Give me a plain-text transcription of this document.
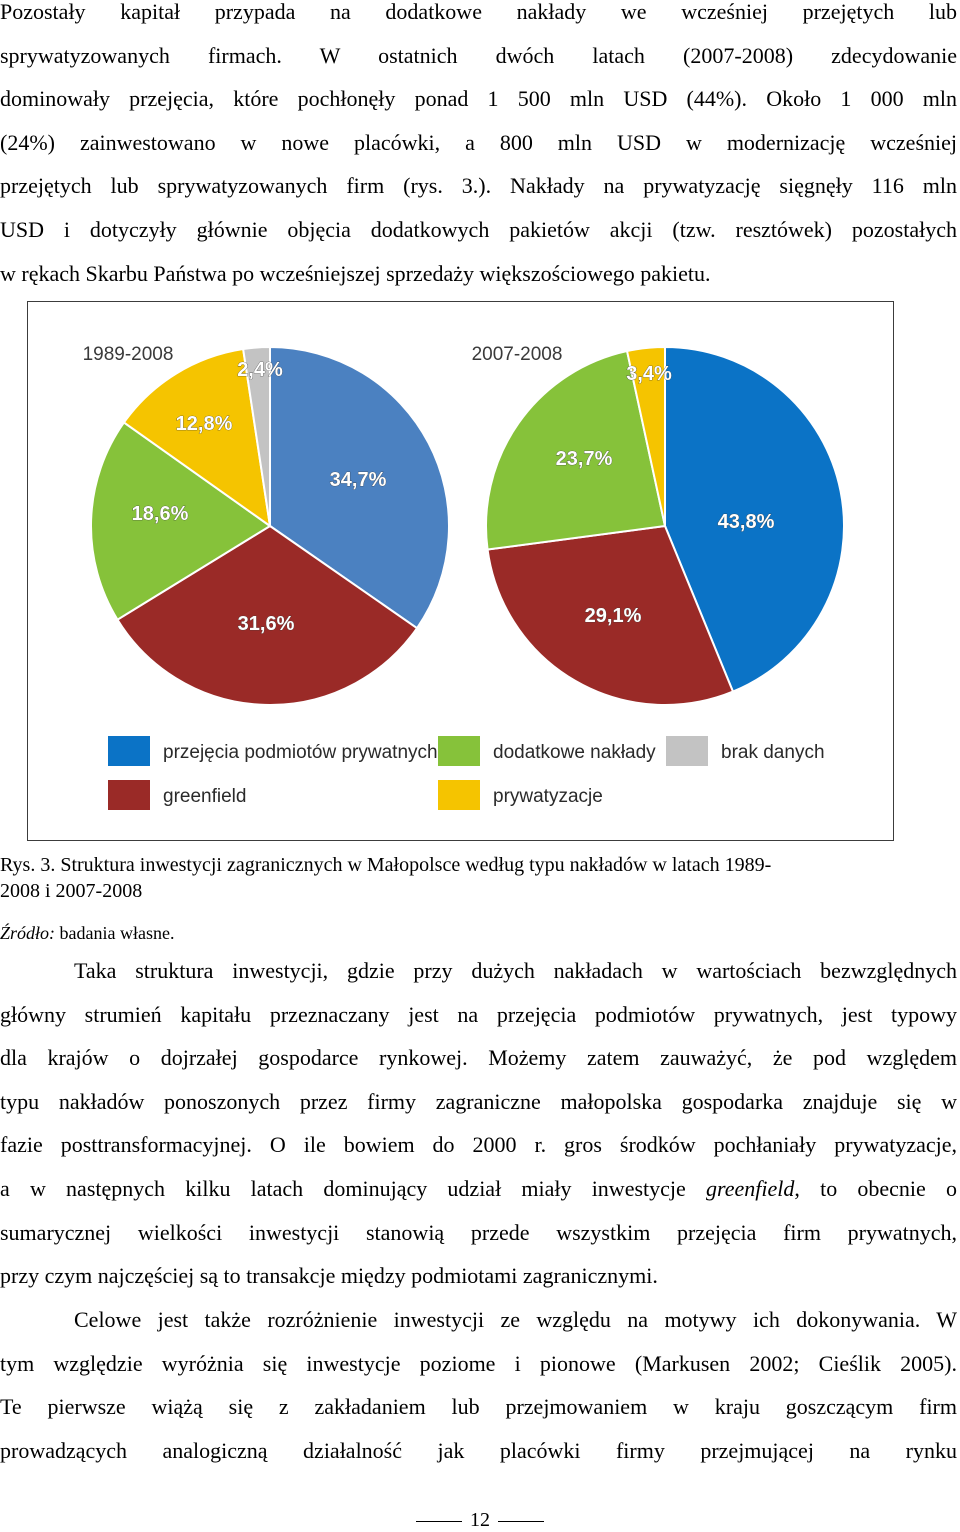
Pozostały kapitał przypada na dodatkowe nakłady we wcześniej przejętych lub
sprywatyzowanych firmach. W ostatnich dwóch latach (2007-2008) zdecydowanie
dominowały przejęcia, które pochłonęły ponad 1 500 mln USD (44%). Około 1 000 mln
(24%) zainwestowano w nowe placówki, a 800 mln USD w modernizację wcześniej
przejętych lub sprywatyzowanych firm (rys. 3.). Nakłady na prywatyzację sięgnęły 116 mln
USD i dotyczyły głównie objęcia dodatkowych pakietów akcji (tzw. resztówek) pozostałych
w rękach Skarbu Państwa po wcześniejszej sprzedaży większościowego pakietu.
34,7%
31,6%
18,6%
12,8%
2,4%
43,8%
29,1%
23,7%
3,4%
1989-2008	2007-2008
przejęcia podmiotów prywatnych	dodatkowe nakłady	brak danych
greenfield	prywatyzacje

Rys. 3. Struktura inwestycji zagranicznych w Małopolsce według typu nakładów w latach 1989-
2008 i 2007-2008

Źródło: badania własne.

Taka struktura inwestycji, gdzie przy dużych nakładach w wartościach bezwzględnych
główny strumień kapitału przeznaczany jest na przejęcia podmiotów prywatnych, jest typowy
dla krajów o dojrzałej gospodarce rynkowej. Możemy zatem zauważyć, że pod względem
typu nakładów ponoszonych przez firmy zagraniczne małopolska gospodarka znajduje się w
fazie posttransformacyjnej. O ile bowiem do 2000 r. gros środków pochłaniały prywatyzacje,
a w następnych kilku latach dominujący udział miały inwestycje greenfield, to obecnie o
sumarycznej wielkości inwestycji stanowią przede wszystkim przejęcia firm prywatnych,
przy czym najczęściej są to transakcje między podmiotami zagranicznymi.
Celowe jest także rozróżnienie inwestycji ze względu na motywy ich dokonywania. W
tym względzie wyróżnia się inwestycje poziome i pionowe (Markusen 2002; Cieślik 2005).
Te pierwsze wiążą się z zakładaniem lub przejmowaniem w kraju goszczącym firm
prowadzących analogiczną działalność jak placówki firmy przejmującej na rynku
12
